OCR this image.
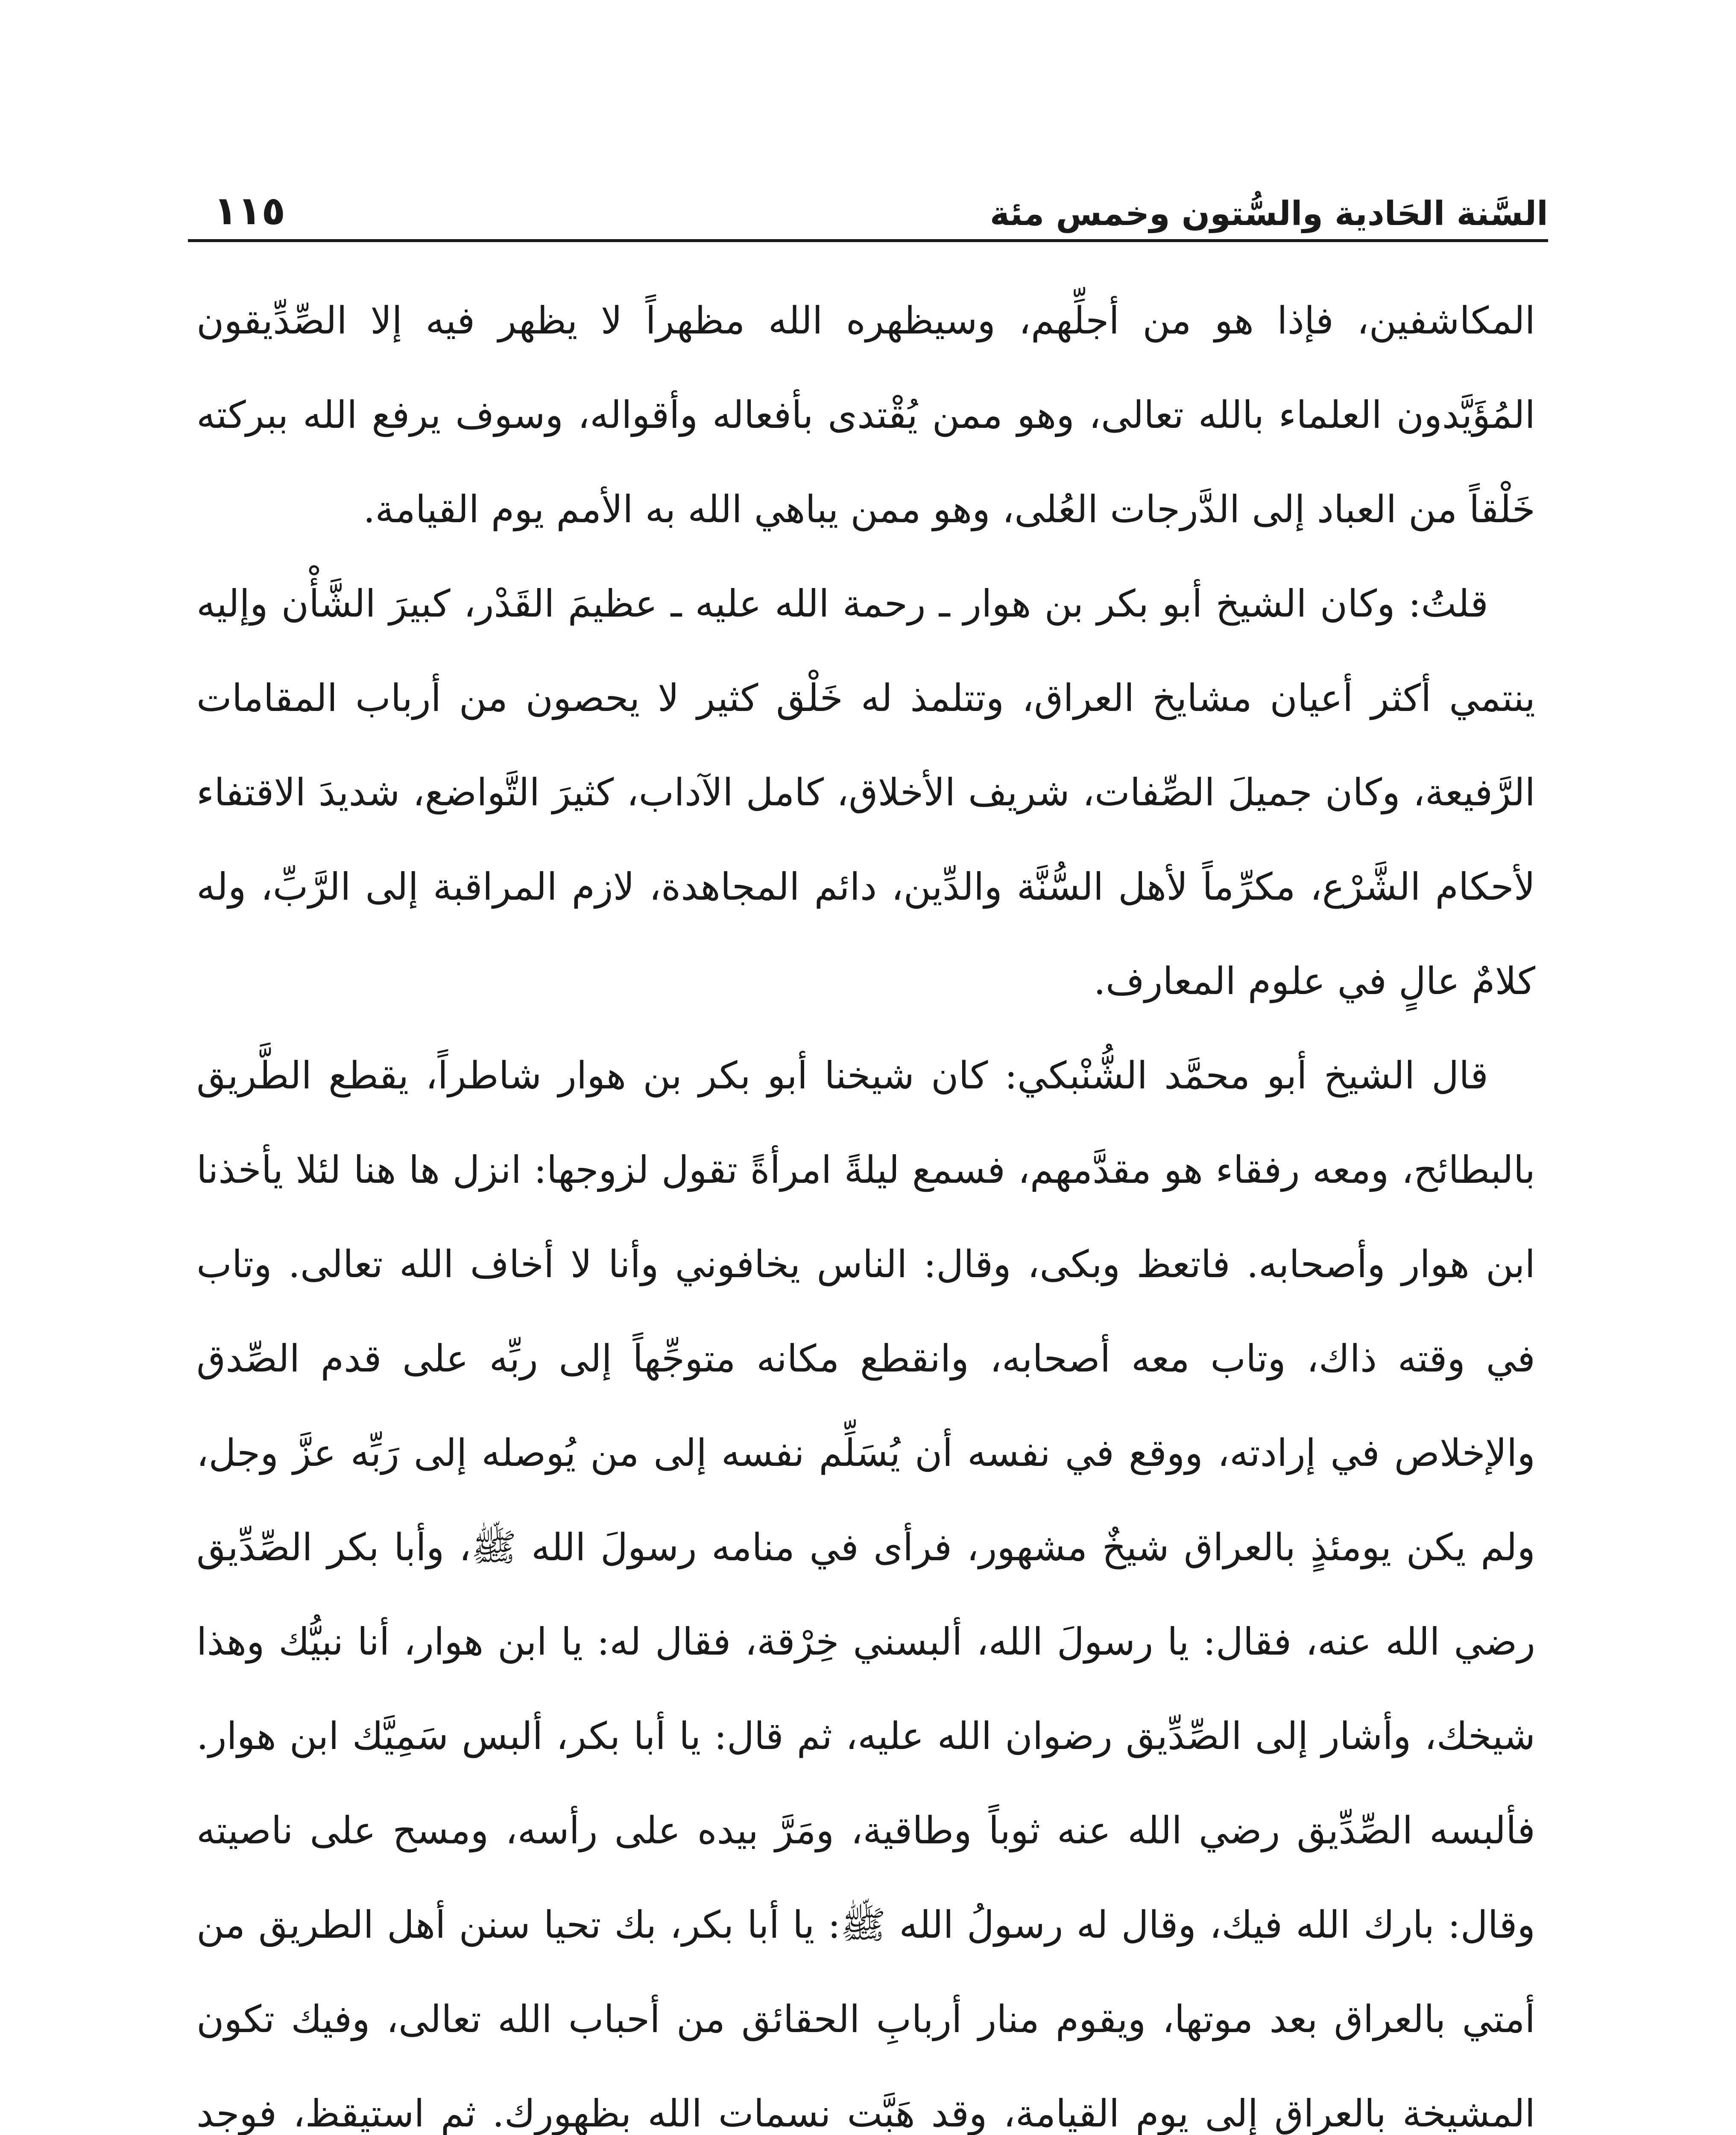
السَّنة الحَادية والسُّتون وخمس مئة
١١٥

المكاشفين، فإذا هو من أجلِّهم، وسيظهره الله مظهراً لا يظهر فيه إلا الصِّدِّيقون المُؤَيَّدون العلماء بالله تعالى، وهو ممن يُقْتدى بأفعاله وأقواله، وسوف يرفع الله ببركته خَلْقاً من العباد إلى الدَّرجات العُلى، وهو ممن يباهي الله به الأمم يوم القيامة.

قلتُ: وكان الشيخ أبو بكر بن هوار ـ رحمة الله عليه ـ عظيمَ القَدْر، كبيرَ الشَّأْن وإليه ينتمي أكثر أعيان مشايخ العراق، وتتلمذ له خَلْق كثير لا يحصون من أرباب المقامات الرَّفيعة، وكان جميلَ الصِّفات، شريف الأخلاق، كامل الآداب، كثيرَ التَّواضع، شديدَ الاقتفاء لأحكام الشَّرْع، مكرِّماً لأهل السُّنَّة والدِّين، دائم المجاهدة، لازم المراقبة إلى الرَّبِّ، وله كلامٌ عالٍ في علوم المعارف.

قال الشيخ أبو محمَّد الشُّنْبكي: كان شيخنا أبو بكر بن هوار شاطراً، يقطع الطَّريق بالبطائح، ومعه رفقاء هو مقدَّمهم، فسمع ليلةً امرأةً تقول لزوجها: انزل ها هنا لئلا يأخذنا ابن هوار وأصحابه. فاتعظ وبكى، وقال: الناس يخافوني وأنا لا أخاف الله تعالى. وتاب في وقته ذاك، وتاب معه أصحابه، وانقطع مكانه متوجِّهاً إلى ربِّه على قدم الصِّدق والإخلاص في إرادته، ووقع في نفسه أن يُسَلِّم نفسه إلى من يُوصله إلى رَبِّه عزَّ وجل، ولم يكن يومئذٍ بالعراق شيخٌ مشهور، فرأى في منامه رسولَ الله ﷺ، وأبا بكر الصِّدِّيق رضي الله عنه، فقال: يا رسولَ الله، ألبسني خِرْقة، فقال له: يا ابن هوار، أنا نبيُّك وهذا شيخك، وأشار إلى الصِّدِّيق رضوان الله عليه، ثم قال: يا أبا بكر، ألبس سَمِيَّك ابن هوار. فألبسه الصِّدِّيق رضي الله عنه ثوباً وطاقية، ومَرَّ بيده على رأسه، ومسح على ناصيته وقال: بارك الله فيك، وقال له رسولُ الله ﷺ: يا أبا بكر، بك تحيا سنن أهل الطريق من أمتي بالعراق بعد موتها، ويقوم منار أربابِ الحقائق من أحباب الله تعالى، وفيك تكون المشيخة بالعراق إلى يوم القيامة، وقد هَبَّت نسمات الله بظهورك. ثم استيقظ، فوجد
